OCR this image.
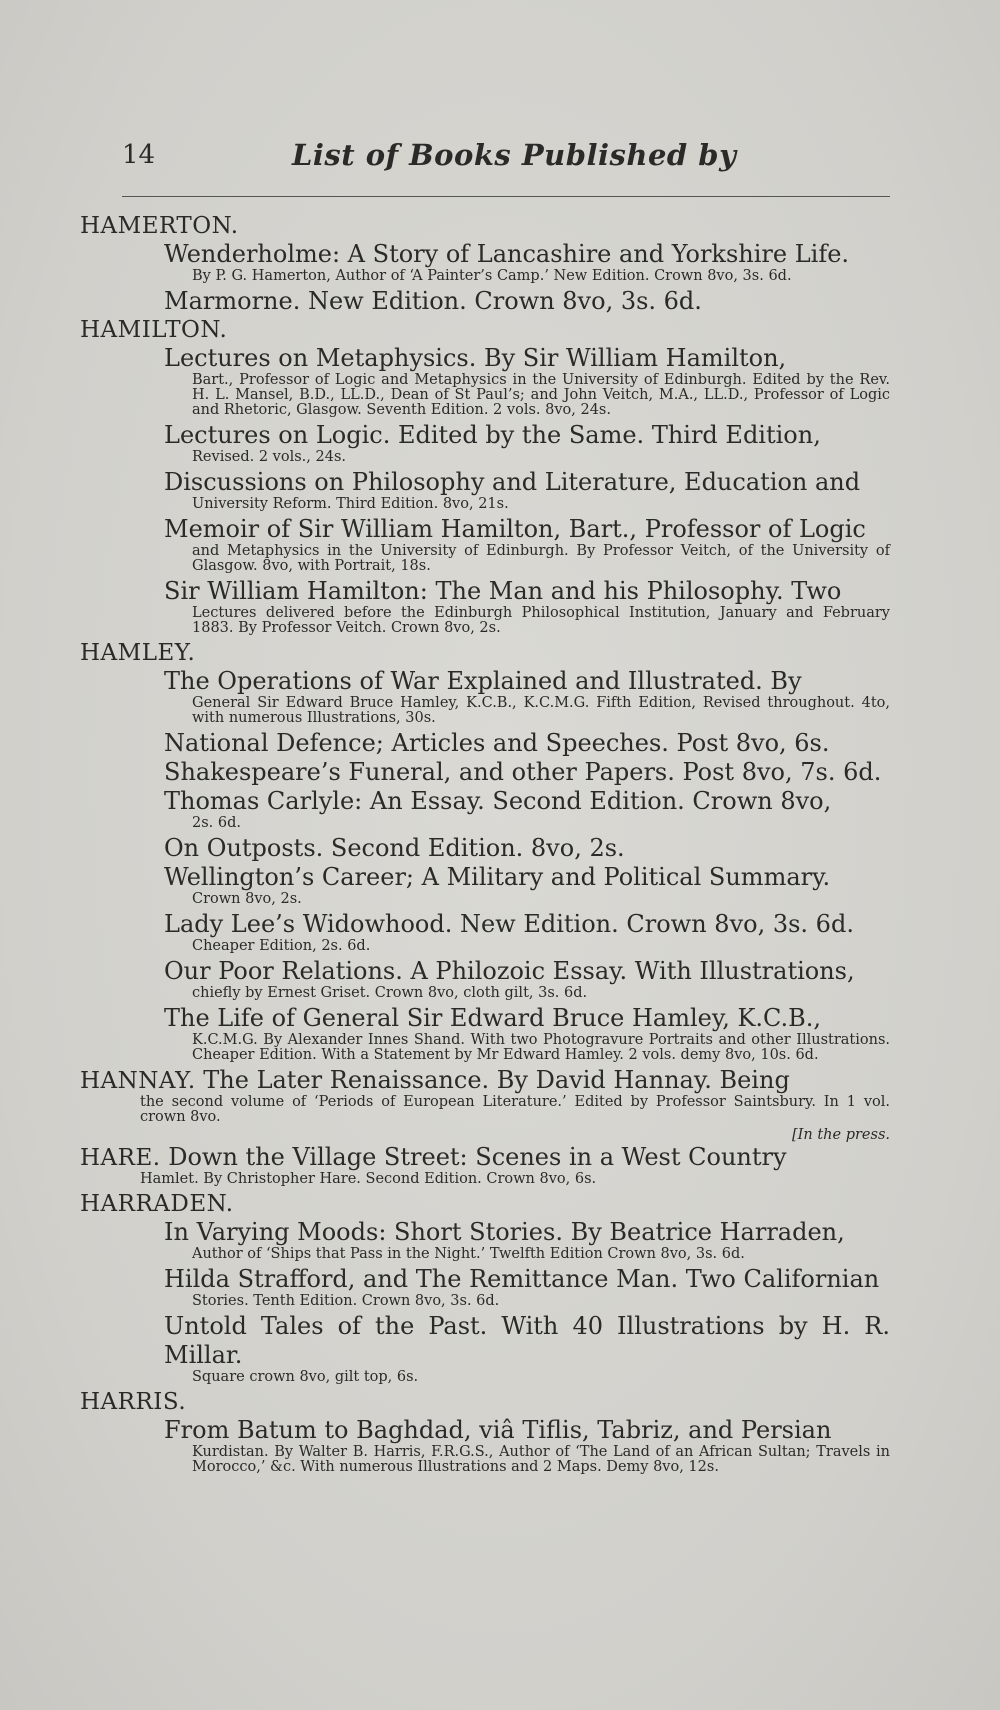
14	List of Books Published by

HAMERTON.

Wenderholme: A Story of Lancashire and Yorkshire Life.

By P. G. Hamerton, Author of ‘A Painter’s Camp.’ New Edition. Crown 8vo, 3s. 6d.

Marmorne. New Edition. Crown 8vo, 3s. 6d.

HAMILTON.

Lectures on Metaphysics. By Sir William Hamilton,

Bart., Professor of Logic and Metaphysics in the University of Edinburgh. Edited by the Rev. H. L. Mansel, B.D., LL.D., Dean of St Paul’s; and John Veitch, M.A., LL.D., Professor of Logic and Rhetoric, Glasgow. Seventh Edition. 2 vols. 8vo, 24s.

Lectures on Logic. Edited by the Same. Third Edition,

Revised. 2 vols., 24s.

Discussions on Philosophy and Literature, Education and

University Reform. Third Edition. 8vo, 21s.

Memoir of Sir William Hamilton, Bart., Professor of Logic

and Metaphysics in the University of Edinburgh. By Professor Veitch, of the University of Glasgow. 8vo, with Portrait, 18s.

Sir William Hamilton: The Man and his Philosophy. Two

Lectures delivered before the Edinburgh Philosophical Institution, January and February 1883. By Professor Veitch. Crown 8vo, 2s.

HAMLEY.

The Operations of War Explained and Illustrated. By

General Sir Edward Bruce Hamley, K.C.B., K.C.M.G. Fifth Edition, Revised throughout. 4to, with numerous Illustrations, 30s.

National Defence; Articles and Speeches. Post 8vo, 6s.

Shakespeare’s Funeral, and other Papers. Post 8vo, 7s. 6d.

Thomas Carlyle: An Essay. Second Edition. Crown 8vo,

2s. 6d.

On Outposts. Second Edition. 8vo, 2s.

Wellington’s Career; A Military and Political Summary.

Crown 8vo, 2s.

Lady Lee’s Widowhood. New Edition. Crown 8vo, 3s. 6d.

Cheaper Edition, 2s. 6d.

Our Poor Relations. A Philozoic Essay. With Illustrations,

chiefly by Ernest Griset. Crown 8vo, cloth gilt, 3s. 6d.

The Life of General Sir Edward Bruce Hamley, K.C.B.,

K.C.M.G. By Alexander Innes Shand. With two Photogravure Portraits and other Illustrations. Cheaper Edition. With a Statement by Mr Edward Hamley. 2 vols. demy 8vo, 10s. 6d.

HANNAY. The Later Renaissance. By David Hannay. Being

the second volume of ‘Periods of European Literature.’ Edited by Professor Saintsbury. In 1 vol. crown 8vo.

[In the press.

HARE. Down the Village Street: Scenes in a West Country

Hamlet. By Christopher Hare. Second Edition. Crown 8vo, 6s.

HARRADEN.

In Varying Moods: Short Stories. By Beatrice Harraden,

Author of ‘Ships that Pass in the Night.’ Twelfth Edition Crown 8vo, 3s. 6d.

Hilda Strafford, and The Remittance Man. Two Californian

Stories. Tenth Edition. Crown 8vo, 3s. 6d.

Untold Tales of the Past. With 40 Illustrations by H. R. Millar.

Square crown 8vo, gilt top, 6s.

HARRIS.

From Batum to Baghdad, viâ Tiflis, Tabriz, and Persian

Kurdistan. By Walter B. Harris, F.R.G.S., Author of ‘The Land of an African Sultan; Travels in Morocco,’ &c. With numerous Illustrations and 2 Maps. Demy 8vo, 12s.
